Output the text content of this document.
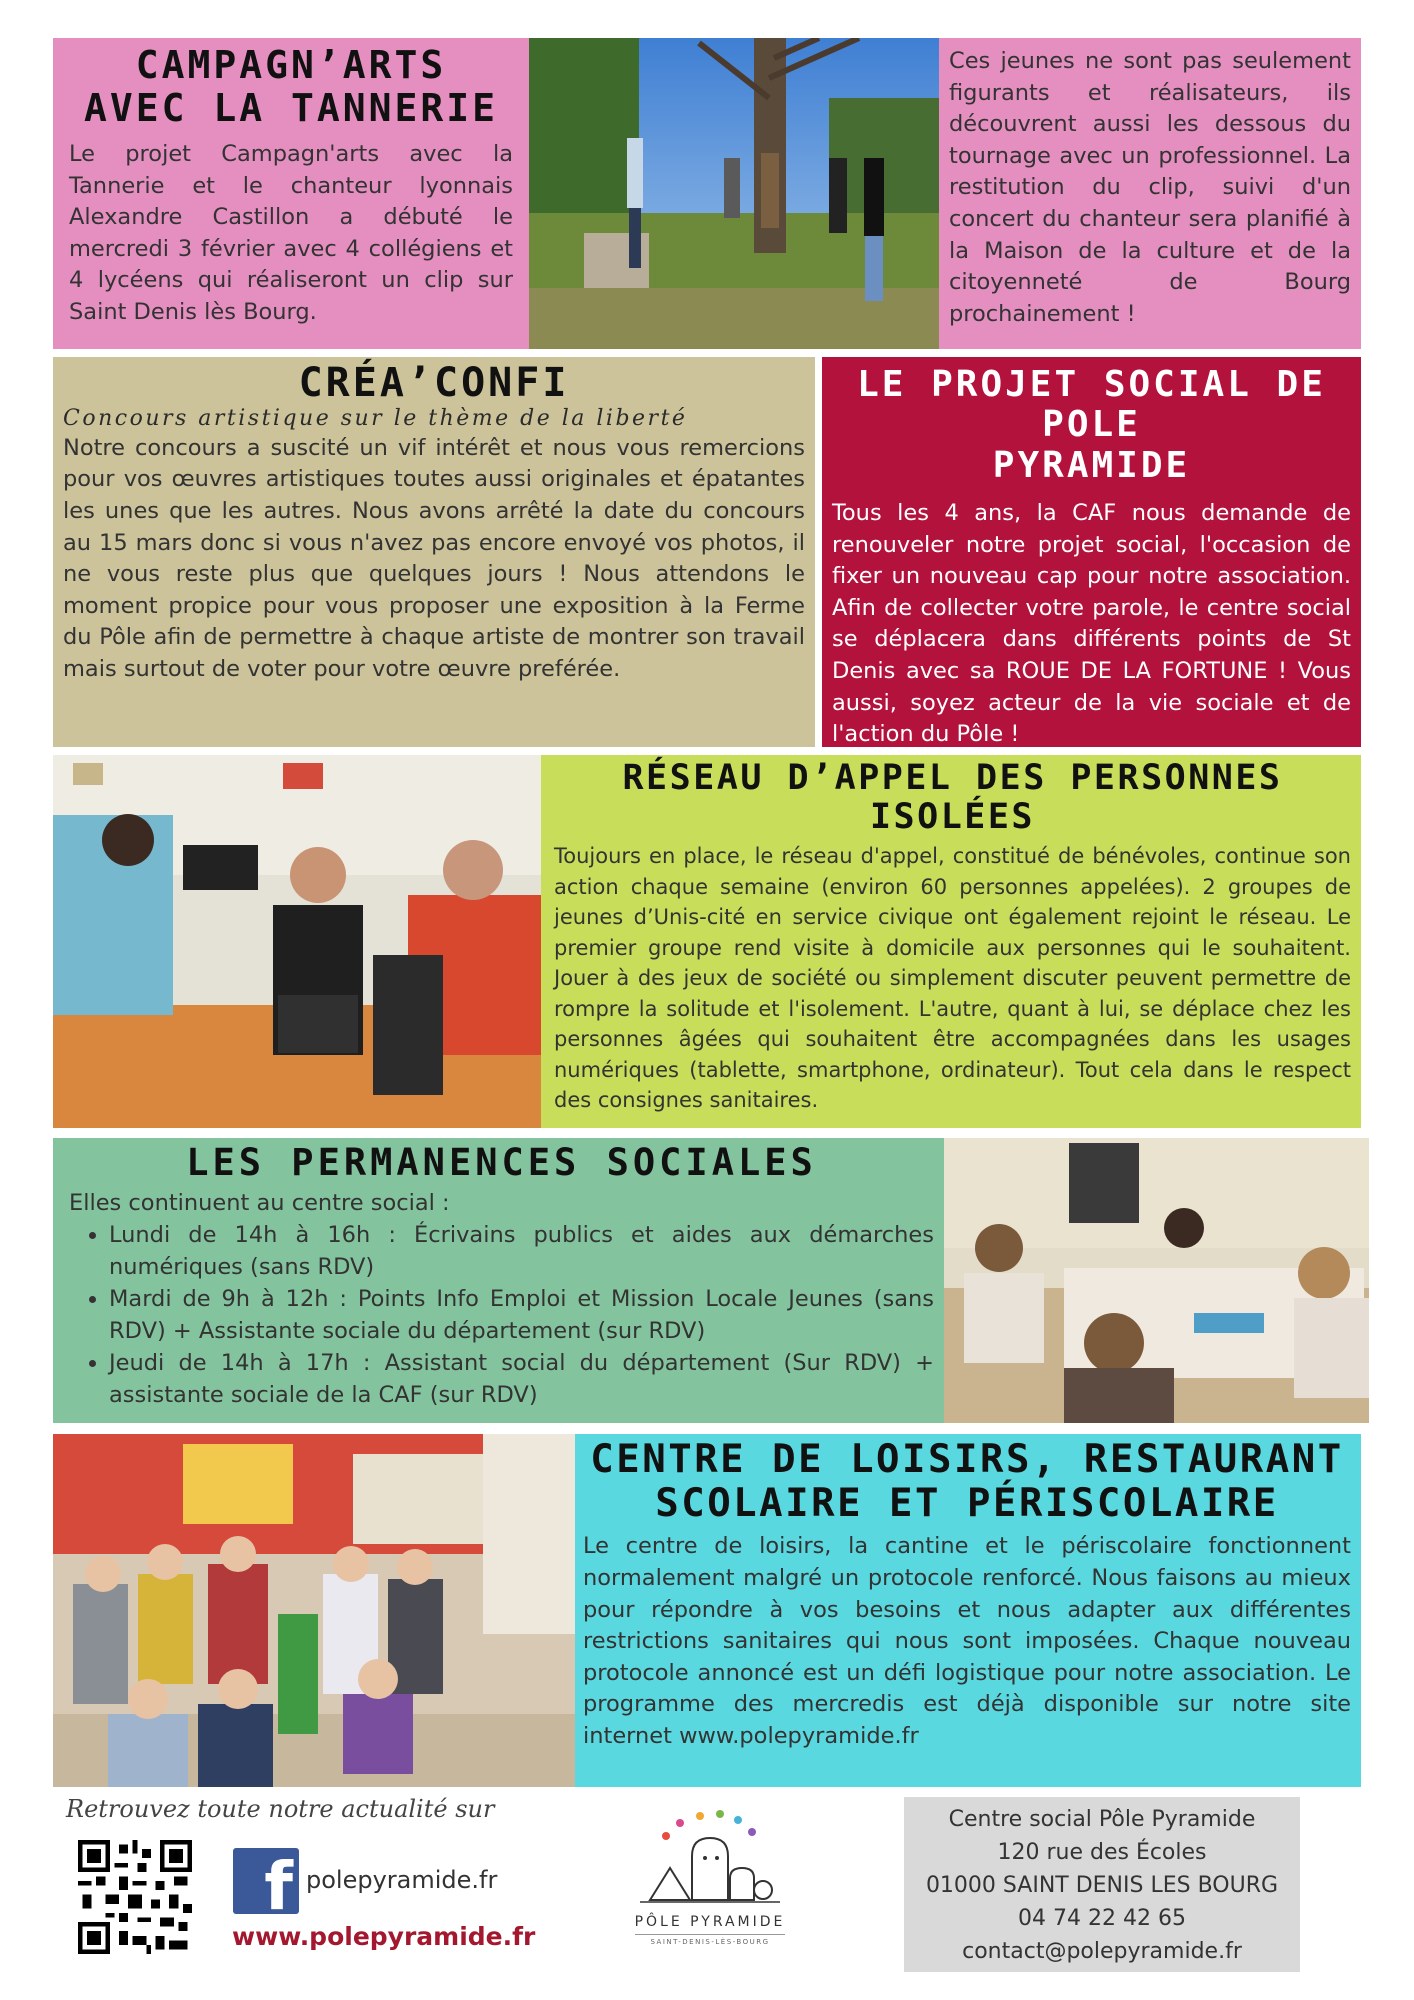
CAMPAGN’ARTS
AVEC LA TANNERIE

Le projet Campagn'arts avec la Tannerie et le chanteur lyonnais Alexandre Castillon a débuté le mercredi 3 février avec 4 collégiens et 4 lycéens qui réaliseront un clip sur Saint Denis lès Bourg.

Ces jeunes ne sont pas seulement figurants et réalisateurs, ils découvrent aussi les dessous du tournage avec un professionnel. La restitution du clip, suivi d'un concert du chanteur sera planifié à la Maison de la culture et de la citoyenneté de Bourg prochainement !

CRÉA’CONFI
Concours artistique sur le thème de la liberté

Notre concours a suscité un vif intérêt et nous vous remercions pour vos œuvres artistiques toutes aussi originales et épatantes les unes que les autres. Nous avons arrêté la date du concours au 15 mars donc si vous n'avez pas encore envoyé vos photos, il ne vous reste plus que quelques jours ! Nous attendons le moment propice pour vous proposer une exposition à la Ferme du Pôle afin de permettre à chaque artiste de montrer son travail mais surtout de voter pour votre œuvre preférée.

LE PROJET SOCIAL DE POLE
PYRAMIDE

Tous les 4 ans, la CAF nous demande de renouveler notre projet social, l'occasion de fixer un nouveau cap pour notre association. Afin de collecter votre parole, le centre social se déplacera dans différents points de St Denis avec sa ROUE DE LA FORTUNE ! Vous aussi, soyez acteur de la vie sociale et de l'action du Pôle !

RÉSEAU D’APPEL DES PERSONNES ISOLÉES

Toujours en place, le réseau d'appel, constitué de bénévoles, continue son action chaque semaine (environ 60 personnes appelées). 2 groupes de jeunes d’Unis-cité en service civique ont également rejoint le réseau. Le premier groupe rend visite à domicile aux personnes qui le souhaitent. Jouer à des jeux de société ou simplement discuter peuvent permettre de rompre la solitude et l'isolement. L'autre, quant à lui, se déplace chez les personnes âgées qui souhaitent être accompagnées dans les usages numériques (tablette, smartphone, ordinateur). Tout cela dans le respect des consignes sanitaires.

LES PERMANENCES SOCIALES
Elles continuent au centre social :
• Lundi de 14h à 16h : Écrivains publics et aides aux démarches numériques (sans RDV)
• Mardi de 9h à 12h : Points Info Emploi et Mission Locale Jeunes (sans RDV) + Assistante sociale du département (sur RDV)
• Jeudi de 14h à 17h : Assistant social du département (Sur RDV) + assistante sociale de la CAF (sur RDV)
CENTRE DE LOISIRS, RESTAURANT
SCOLAIRE ET PÉRISCOLAIRE

Le centre de loisirs, la cantine et le périscolaire fonctionnent normalement malgré un protocole renforcé. Nous faisons au mieux pour répondre à vos besoins et nous adapter aux différentes restrictions sanitaires qui nous sont imposées. Chaque nouveau protocole annoncé est un défi logistique pour notre association. Le programme des mercredis est déjà disponible sur notre site internet www.polepyramide.fr

Retrouvez toute notre actualité sur
f polepyramide.fr
www.polepyramide.fr	PÔLE PYRAMIDE
SAINT-DENIS-LÈS-BOURG
Centre social Pôle Pyramide
120 rue des Écoles
01000 SAINT DENIS LES BOURG
04 74 22 42 65
contact@polepyramide.fr
